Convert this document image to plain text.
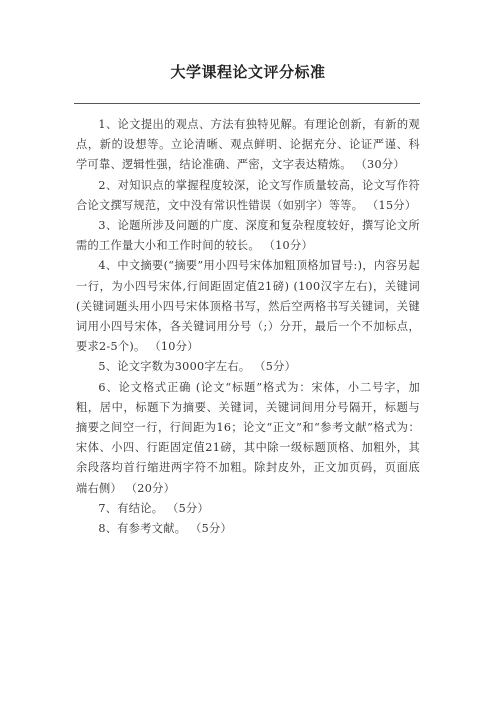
大学课程论文评分标准

1、论文提出的观点、方法有独特见解。有理论创新，有新的观点，新的设想等。立论清晰、观点鲜明、论据充分、论证严谨、科学可靠、逻辑性强，结论准确、严密，文字表达精炼。 （30分）

2、对知识点的掌握程度较深，论文写作质量较高，论文写作符合论文撰写规范，文中没有常识性错误（如别字）等等。 （15分）

3、论题所涉及问题的广度、深度和复杂程度较好，撰写论文所需的工作量大小和工作时间的较长。 （10分）

4、中文摘要(“摘要”用小四号宋体加粗顶格加冒号:)，内容另起一行，为小四号宋体,行间距固定值21磅) (100汉字左右)，关键词 (关键词题头用小四号宋体顶格书写，然后空两格书写关键词，关键词用小四号宋体，各关键词用分号（;）分开，最后一个不加标点，要求2-5个)。 （10分）

5、论文字数为3000字左右。 （5分）

6、论文格式正确 (论文“标题”格式为：宋体，小二号字，加粗，居中，标题下为摘要、关键词，关键词间用分号隔开，标题与摘要之间空一行，行间距为16；论文“正文”和“参考文献”格式为：宋体、小四、行距固定值21磅，其中除一级标题顶格、加粗外，其余段落均首行缩进两字符不加粗。除封皮外，正文加页码，页面底端右侧） （20分）

7、有结论。 （5分）

8、有参考文献。 （5分）
